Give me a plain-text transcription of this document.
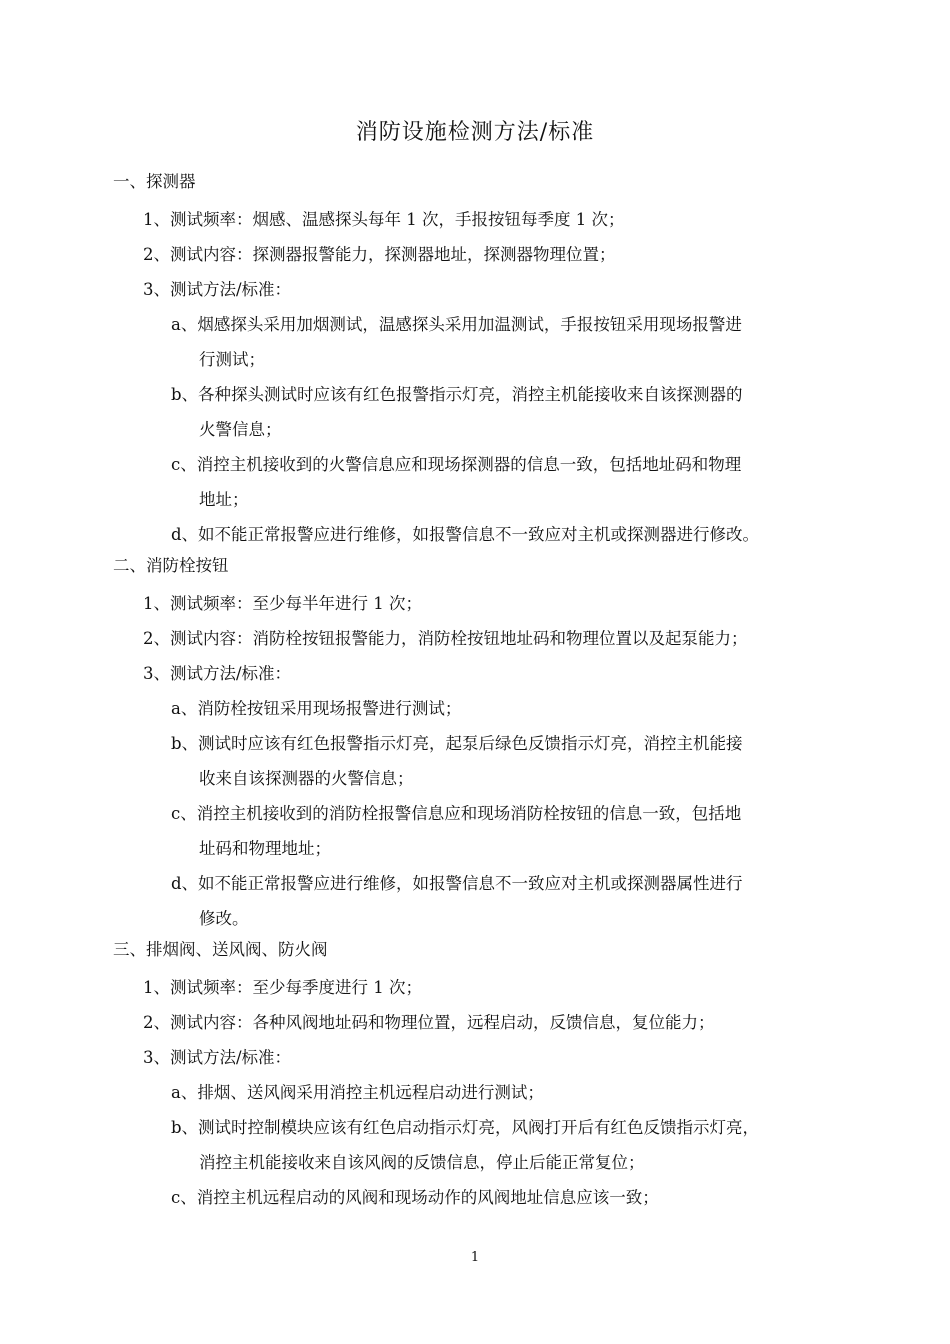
消防设施检测方法/标准
一、探测器
1、测试频率：烟感、温感探头每年 1 次，手报按钮每季度 1 次；
2、测试内容：探测器报警能力，探测器地址，探测器物理位置；
3、测试方法/标准：
a、烟感探头采用加烟测试，温感探头采用加温测试，手报按钮采用现场报警进
行测试；
b、各种探头测试时应该有红色报警指示灯亮，消控主机能接收来自该探测器的
火警信息；
c、消控主机接收到的火警信息应和现场探测器的信息一致，包括地址码和物理
地址；
d、如不能正常报警应进行维修，如报警信息不一致应对主机或探测器进行修改。
二、消防栓按钮
1、测试频率：至少每半年进行 1 次；
2、测试内容：消防栓按钮报警能力，消防栓按钮地址码和物理位置以及起泵能力；
3、测试方法/标准：
a、消防栓按钮采用现场报警进行测试；
b、测试时应该有红色报警指示灯亮，起泵后绿色反馈指示灯亮，消控主机能接
收来自该探测器的火警信息；
c、消控主机接收到的消防栓报警信息应和现场消防栓按钮的信息一致，包括地
址码和物理地址；
d、如不能正常报警应进行维修，如报警信息不一致应对主机或探测器属性进行
修改。
三、排烟阀、送风阀、防火阀
1、测试频率：至少每季度进行 1 次；
2、测试内容：各种风阀地址码和物理位置，远程启动，反馈信息，复位能力；
3、测试方法/标准：
a、排烟、送风阀采用消控主机远程启动进行测试；
b、测试时控制模块应该有红色启动指示灯亮，风阀打开后有红色反馈指示灯亮，
消控主机能接收来自该风阀的反馈信息，停止后能正常复位；
c、消控主机远程启动的风阀和现场动作的风阀地址信息应该一致；
1
